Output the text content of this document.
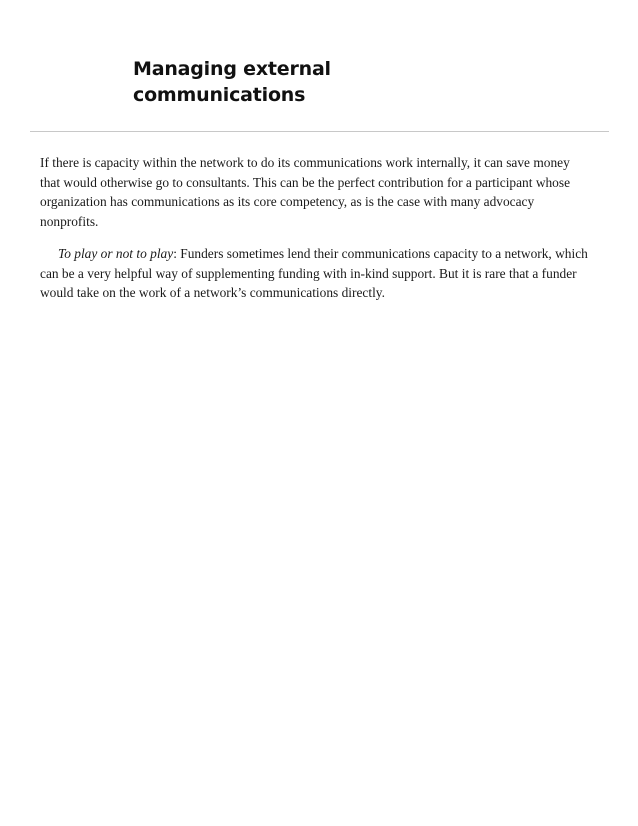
Managing external
communications
If there is capacity within the network to do its communications work internally, it can save money
that would otherwise go to consultants. This can be the perfect contribution for a participant whose
organization has communications as its core competency, as is the case with many advocacy
nonprofits.
To play or not to play: Funders sometimes lend their communications capacity to a network, which
can be a very helpful way of supplementing funding with in-kind support. But it is rare that a funder
would take on the work of a network’s communications directly.
